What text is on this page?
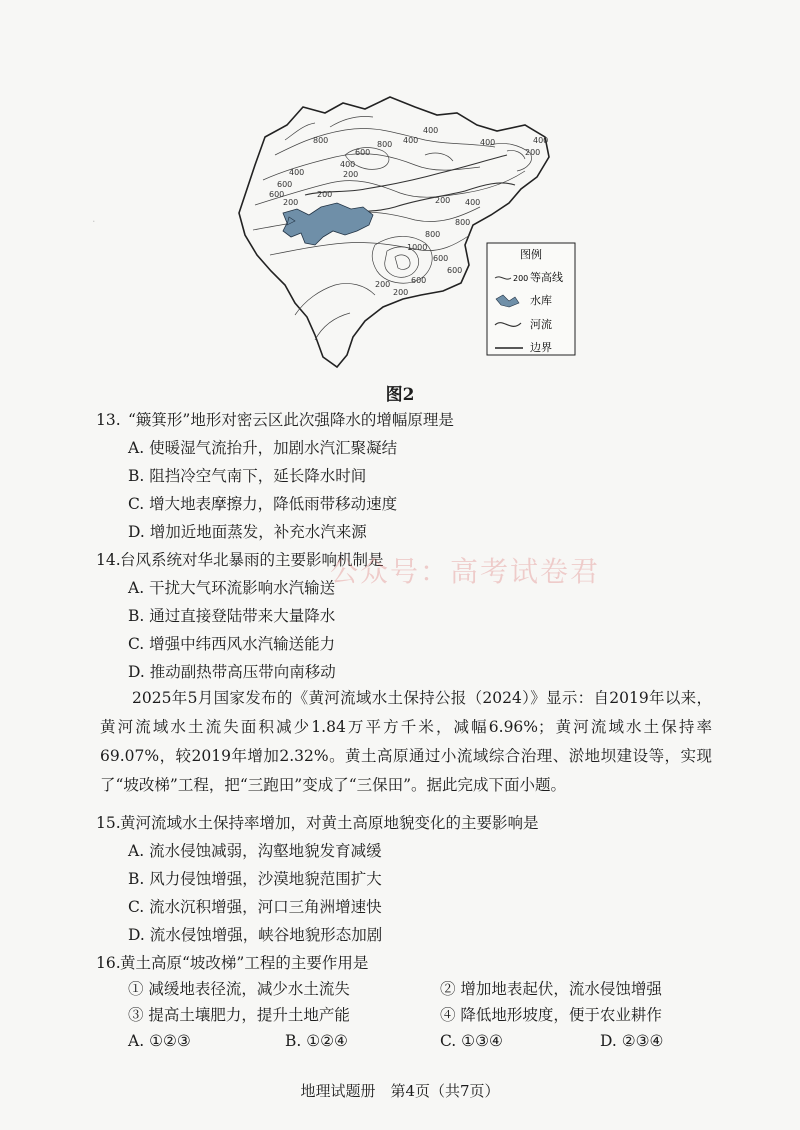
·
800 400
400
200
800
600
400
200
600	200
400
600
800
400
200
400
200
1000
800
600
600
200
200
600
400
图例
200 等高线
水库
河流
边界
图2
13. “簸箕形”地形对密云区此次强降水的增幅原理是
A. 使暖湿气流抬升，加剧水汽汇聚凝结
B. 阻挡冷空气南下，延长降水时间
C. 增大地表摩擦力，降低雨带移动速度
D. 增加近地面蒸发，补充水汽来源
14. 台风系统对华北暴雨的主要影响机制是
A. 干扰大气环流影响水汽输送
B. 通过直接登陆带来大量降水
C. 增强中纬西风水汽输送能力
D. 推动副热带高压带向南移动
公众号：高考试卷君
2025年5月国家发布的《黄河流域水土保持公报（2024）》显示：自2019年以来，黄河流域水土流失面积减少1.84万平方千米，减幅6.96%；黄河流域水土保持率69.07%，较2019年增加2.32%。黄土高原通过小流域综合治理、淤地坝建设等，实现了“坡改梯”工程，把“三跑田”变成了“三保田”。据此完成下面小题。
15. 黄河流域水土保持率增加，对黄土高原地貌变化的主要影响是
A. 流水侵蚀减弱，沟壑地貌发育减缓
B. 风力侵蚀增强，沙漠地貌范围扩大
C. 流水沉积增强，河口三角洲增速快
D. 流水侵蚀增强，峡谷地貌形态加剧
16. 黄土高原“坡改梯”工程的主要作用是
① 减缓地表径流，减少水土流失	② 增加地表起伏，流水侵蚀增强
③ 提高土壤肥力，提升土地产能	④ 降低地形坡度，便于农业耕作
A. ①②③	B. ①②④	C. ①③④	D. ②③④
地理试题册　第4页（共7页）
